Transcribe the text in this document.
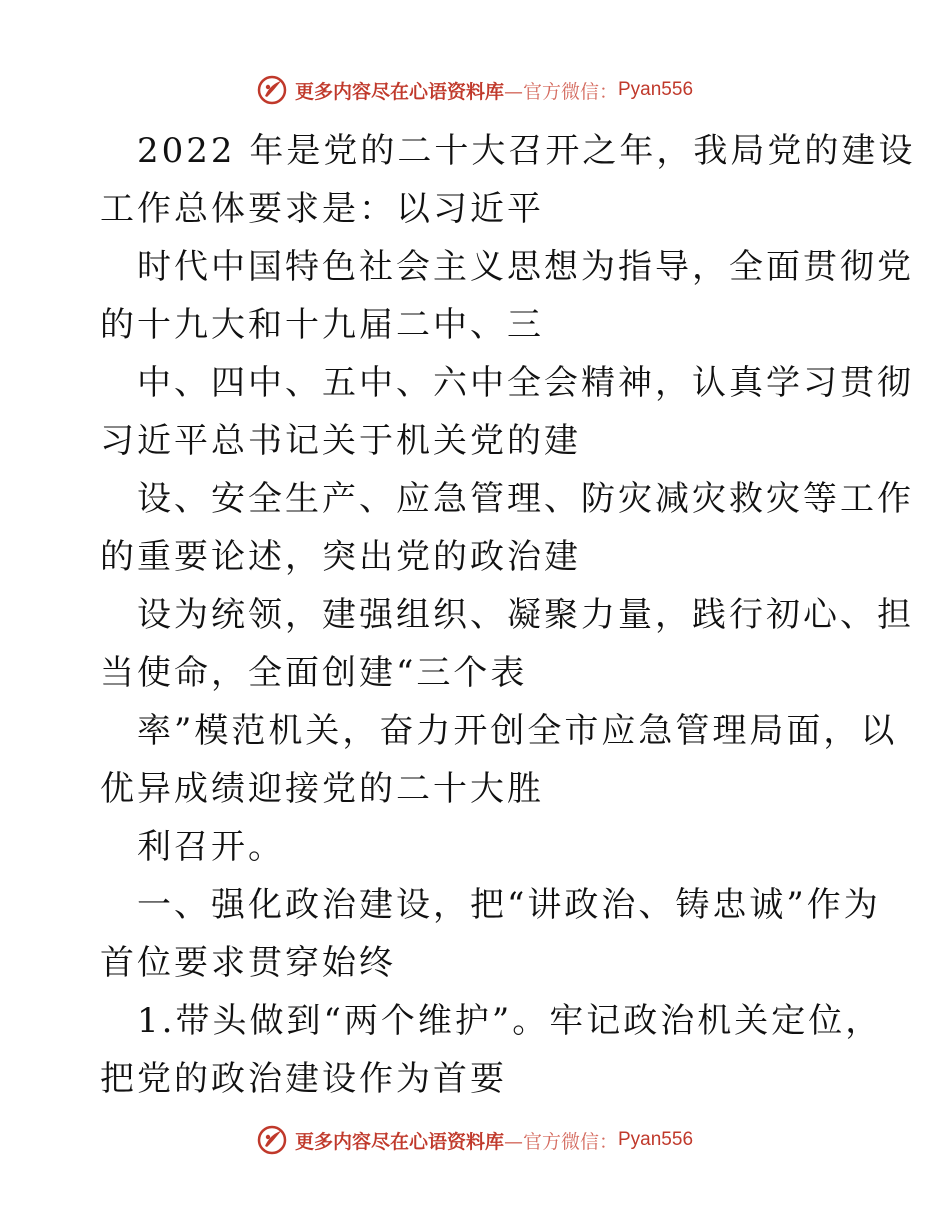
更多内容尽在心语资料库 —官方微信： Pyan556
2022 年是党的二十大召开之年，我局党的建设
工作总体要求是：以习近平
时代中国特色社会主义思想为指导，全面贯彻党
的十九大和十九届二中、三
中、四中、五中、六中全会精神，认真学习贯彻
习近平总书记关于机关党的建
设、安全生产、应急管理、防灾减灾救灾等工作
的重要论述，突出党的政治建
设为统领，建强组织、凝聚力量，践行初心、担
当使命，全面创建“三个表
率”模范机关，奋力开创全市应急管理局面，以
优异成绩迎接党的二十大胜
利召开。
一、强化政治建设，把“讲政治、铸忠诚”作为
首位要求贯穿始终
1.带头做到“两个维护”。牢记政治机关定位，
把党的政治建设作为首要
更多内容尽在心语资料库 —官方微信： Pyan556
